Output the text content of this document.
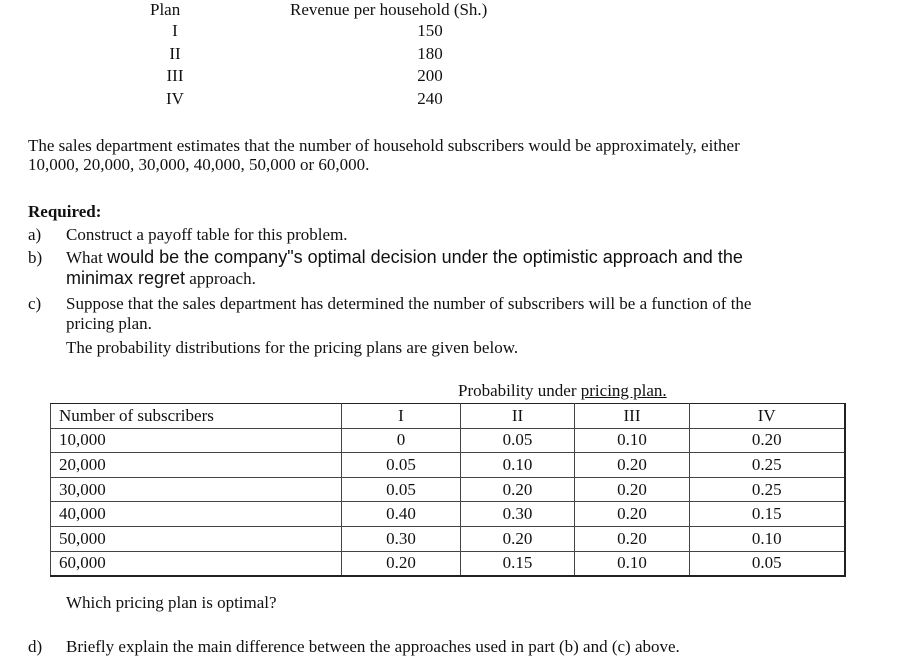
Plan	Revenue per household (Sh.)
I	150
II	180
III	200
IV	240
The sales department estimates that the number of household subscribers would be approximately, either
10,000, 20,000, 30,000, 40,000, 50,000 or 60,000.
Required:
a) Construct a payoff table for this problem.
b) What would be the company"s optimal decision under the optimistic approach and the
minimax regret approach.
c) Suppose that the sales department has determined the number of subscribers will be a function of the
pricing plan.
The probability distributions for the pricing plans are given below.
Probability under pricing plan.
Number of subscribers	I	II	III	IV
10,000	0	0.05	0.10	0.20
20,000	0.05	0.10	0.20	0.25
30,000	0.05	0.20	0.20	0.25
40,000	0.40	0.30	0.20	0.15
50,000	0.30	0.20	0.20	0.10
60,000	0.20	0.15	0.10	0.05
Which pricing plan is optimal?
d) Briefly explain the main difference between the approaches used in part (b) and (c) above.
